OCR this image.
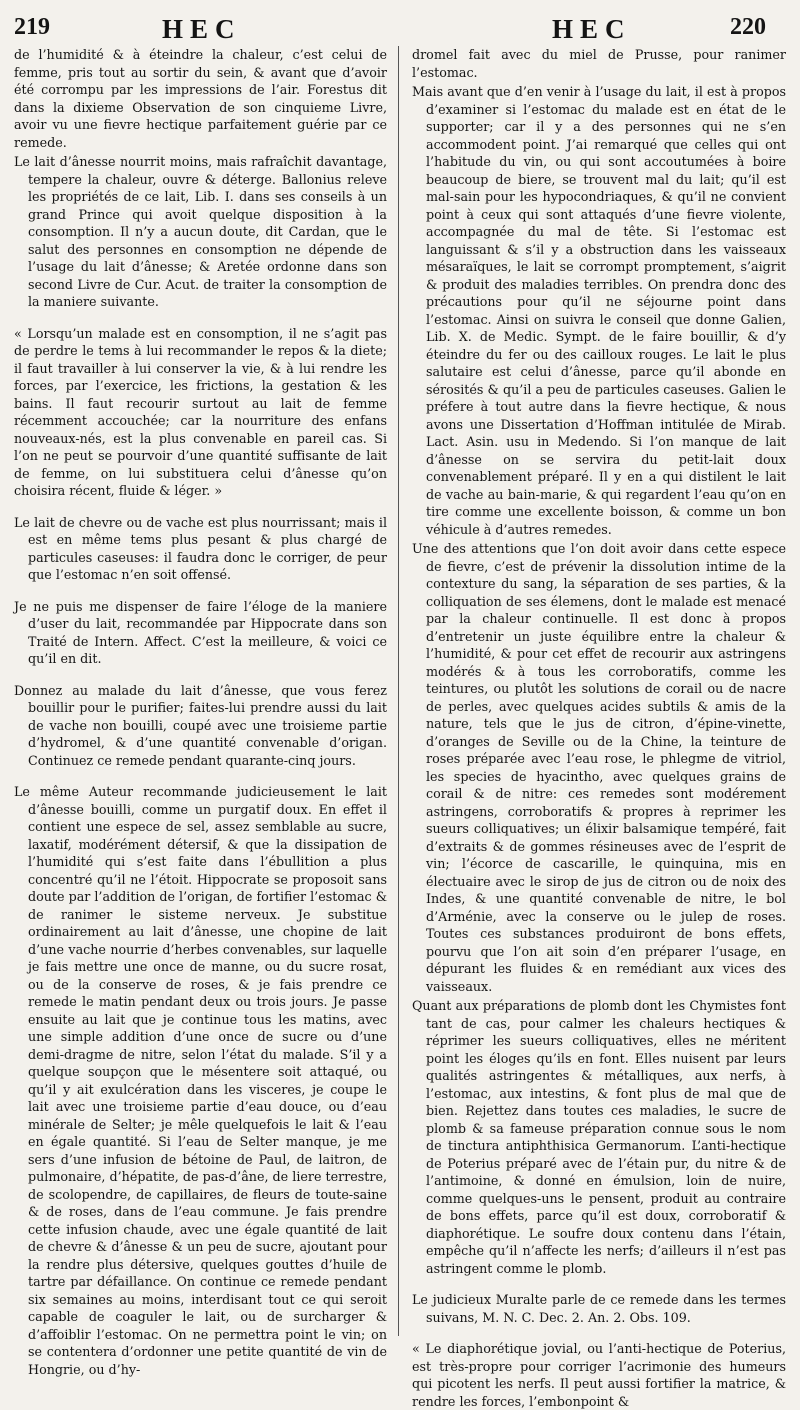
219	HEC	HEC	220

de l’humidité & à éteindre la chaleur, c’est celui de femme, pris tout au sortir du sein, & avant que d’avoir été corrompu par les impressions de l’air. Forestus dit dans la dixieme Observation de son cinquieme Livre, avoir vu une fievre hectique parfaitement guérie par ce remede.

Le lait d’ânesse nourrit moins, mais rafraîchit davantage, tempere la chaleur, ouvre & déterge. Ballonius releve les propriétés de ce lait, Lib. I. dans ses conseils à un grand Prince qui avoit quelque disposition à la consomption. Il n’y a aucun doute, dit Cardan, que le salut des personnes en consomption ne dépende de l’usage du lait d’ânesse; & Aretée ordonne dans son second Livre de Cur. Acut. de traiter la consomption de la maniere suivante.

« Lorsqu’un malade est en consomption, il ne s’agit pas de perdre le tems à lui recommander le repos & la diete; il faut travailler à lui conserver la vie, & à lui rendre les forces, par l’exercice, les frictions, la gestation & les bains. Il faut recourir surtout au lait de femme récemment accouchée; car la nourriture des enfans nouveaux-nés, est la plus convenable en pareil cas. Si l’on ne peut se pourvoir d’une quantité suffisante de lait de femme, on lui substituera celui d’ânesse qu’on choisira récent, fluide & léger. »

Le lait de chevre ou de vache est plus nourrissant; mais il est en même tems plus pesant & plus chargé de particules caseuses: il faudra donc le corriger, de peur que l’estomac n’en soit offensé.

Je ne puis me dispenser de faire l’éloge de la maniere d’user du lait, recommandée par Hippocrate dans son Traité de Intern. Affect. C’est la meilleure, & voici ce qu’il en dit.

Donnez au malade du lait d’ânesse, que vous ferez bouillir pour le purifier; faites-lui prendre aussi du lait de vache non bouilli, coupé avec une troisieme partie d’hydromel, & d’une quantité convenable d’origan. Continuez ce remede pendant quarante-cinq jours.

Le même Auteur recommande judicieusement le lait d’ânesse bouilli, comme un purgatif doux. En effet il contient une espece de sel, assez semblable au sucre, laxatif, modérément détersif, & que la dissipation de l’humidité qui s’est faite dans l’ébullition a plus concentré qu’il ne l’étoit. Hippocrate se proposoit sans doute par l’addition de l’origan, de fortifier l’estomac & de ranimer le sisteme nerveux. Je substitue ordinairement au lait d’ânesse, une chopine de lait d’une vache nourrie d’herbes convenables, sur laquelle je fais mettre une once de manne, ou du sucre rosat, ou de la conserve de roses, & je fais prendre ce remede le matin pendant deux ou trois jours. Je passe ensuite au lait que je continue tous les matins, avec une simple addition d’une once de sucre ou d’une demi-dragme de nitre, selon l’état du malade. S’il y a quelque soupçon que le mésentere soit attaqué, ou qu’il y ait exulcération dans les visceres, je coupe le lait avec une troisieme partie d’eau douce, ou d’eau minérale de Selter; je mêle quelquefois le lait & l’eau en égale quantité. Si l’eau de Selter manque, je me sers d’une infusion de bétoine de Paul, de laitron, de pulmonaire, d’hépatite, de pas-d’âne, de liere terrestre, de scolopendre, de capillaires, de fleurs de toute-saine & de roses, dans de l’eau commune. Je fais prendre cette infusion chaude, avec une égale quantité de lait de chevre & d’ânesse & un peu de sucre, ajoutant pour la rendre plus détersive, quelques gouttes d’huile de tartre par défaillance. On continue ce remede pendant six semaines au moins, interdisant tout ce qui seroit capable de coaguler le lait, ou de surcharger & d’affoiblir l’estomac. On ne permettra point le vin; on se contentera d’ordonner une petite quantité de vin de Hongrie, ou d’hy-

dromel fait avec du miel de Prusse, pour ranimer l’estomac.

Mais avant que d’en venir à l’usage du lait, il est à propos d’examiner si l’estomac du malade est en état de le supporter; car il y a des personnes qui ne s’en accommodent point. J’ai remarqué que celles qui ont l’habitude du vin, ou qui sont accoutumées à boire beaucoup de biere, se trouvent mal du lait; qu’il est mal-sain pour les hypocondriaques, & qu’il ne convient point à ceux qui sont attaqués d’une fievre violente, accompagnée du mal de tête. Si l’estomac est languissant & s’il y a obstruction dans les vaisseaux mésaraïques, le lait se corrompt promptement, s’aigrit & produit des maladies terribles. On prendra donc des précautions pour qu’il ne séjourne point dans l’estomac. Ainsi on suivra le conseil que donne Galien, Lib. X. de Medic. Sympt. de le faire bouillir, & d’y éteindre du fer ou des cailloux rouges. Le lait le plus salutaire est celui d’ânesse, parce qu’il abonde en sérosités & qu’il a peu de particules caseuses. Galien le préfere à tout autre dans la fievre hectique, & nous avons une Dissertation d’Hoffman intitulée de Mirab. Lact. Asin. usu in Medendo. Si l’on manque de lait d’ânesse on se servira du petit-lait doux convenablement préparé. Il y en a qui distilent le lait de vache au bain-marie, & qui regardent l’eau qu’on en tire comme une excellente boisson, & comme un bon véhicule à d’autres remedes.

Une des attentions que l’on doit avoir dans cette espece de fievre, c’est de prévenir la dissolution intime de la contexture du sang, la séparation de ses parties, & la colliquation de ses élemens, dont le malade est menacé par la chaleur continuelle. Il est donc à propos d’entretenir un juste équilibre entre la chaleur & l’humidité, & pour cet effet de recourir aux astringens modérés & à tous les corroboratifs, comme les teintures, ou plutôt les solutions de corail ou de nacre de perles, avec quelques acides subtils & amis de la nature, tels que le jus de citron, d’épine-vinette, d’oranges de Seville ou de la Chine, la teinture de roses préparée avec l’eau rose, le phlegme de vitriol, les species de hyacintho, avec quelques grains de corail & de nitre: ces remedes sont modérement astringens, corroboratifs & propres à reprimer les sueurs colliquatives; un élixir balsamique tempéré, fait d’extraits & de gommes résineuses avec de l’esprit de vin; l’écorce de cascarille, le quinquina, mis en électuaire avec le sirop de jus de citron ou de noix des Indes, & une quantité convenable de nitre, le bol d’Arménie, avec la conserve ou le julep de roses. Toutes ces substances produiront de bons effets, pourvu que l’on ait soin d’en préparer l’usage, en dépurant les fluides & en remédiant aux vices des vaisseaux.

Quant aux préparations de plomb dont les Chymistes font tant de cas, pour calmer les chaleurs hectiques & réprimer les sueurs colliquatives, elles ne méritent point les éloges qu’ils en font. Elles nuisent par leurs qualités astringentes & métalliques, aux nerfs, à l’estomac, aux intestins, & font plus de mal que de bien. Rejettez dans toutes ces maladies, le sucre de plomb & sa fameuse préparation connue sous le nom de tinctura antiphthisica Germanorum. L’anti-hectique de Poterius préparé avec de l’étain pur, du nitre & de l’antimoine, & donné en émulsion, loin de nuire, comme quelques-uns le pensent, produit au contraire de bons effets, parce qu’il est doux, corroboratif & diaphorétique. Le soufre doux contenu dans l’étain, empêche qu’il n’affecte les nerfs; d’ailleurs il n’est pas astringent comme le plomb.

Le judicieux Muralte parle de ce remede dans les termes suivans, M. N. C. Dec. 2. An. 2. Obs. 109.

« Le diaphorétique jovial, ou l’anti-hectique de Poterius, est très-propre pour corriger l’acrimonie des humeurs qui picotent les nerfs. Il peut aussi fortifier la matrice, & rendre les forces, l’embonpoint &
